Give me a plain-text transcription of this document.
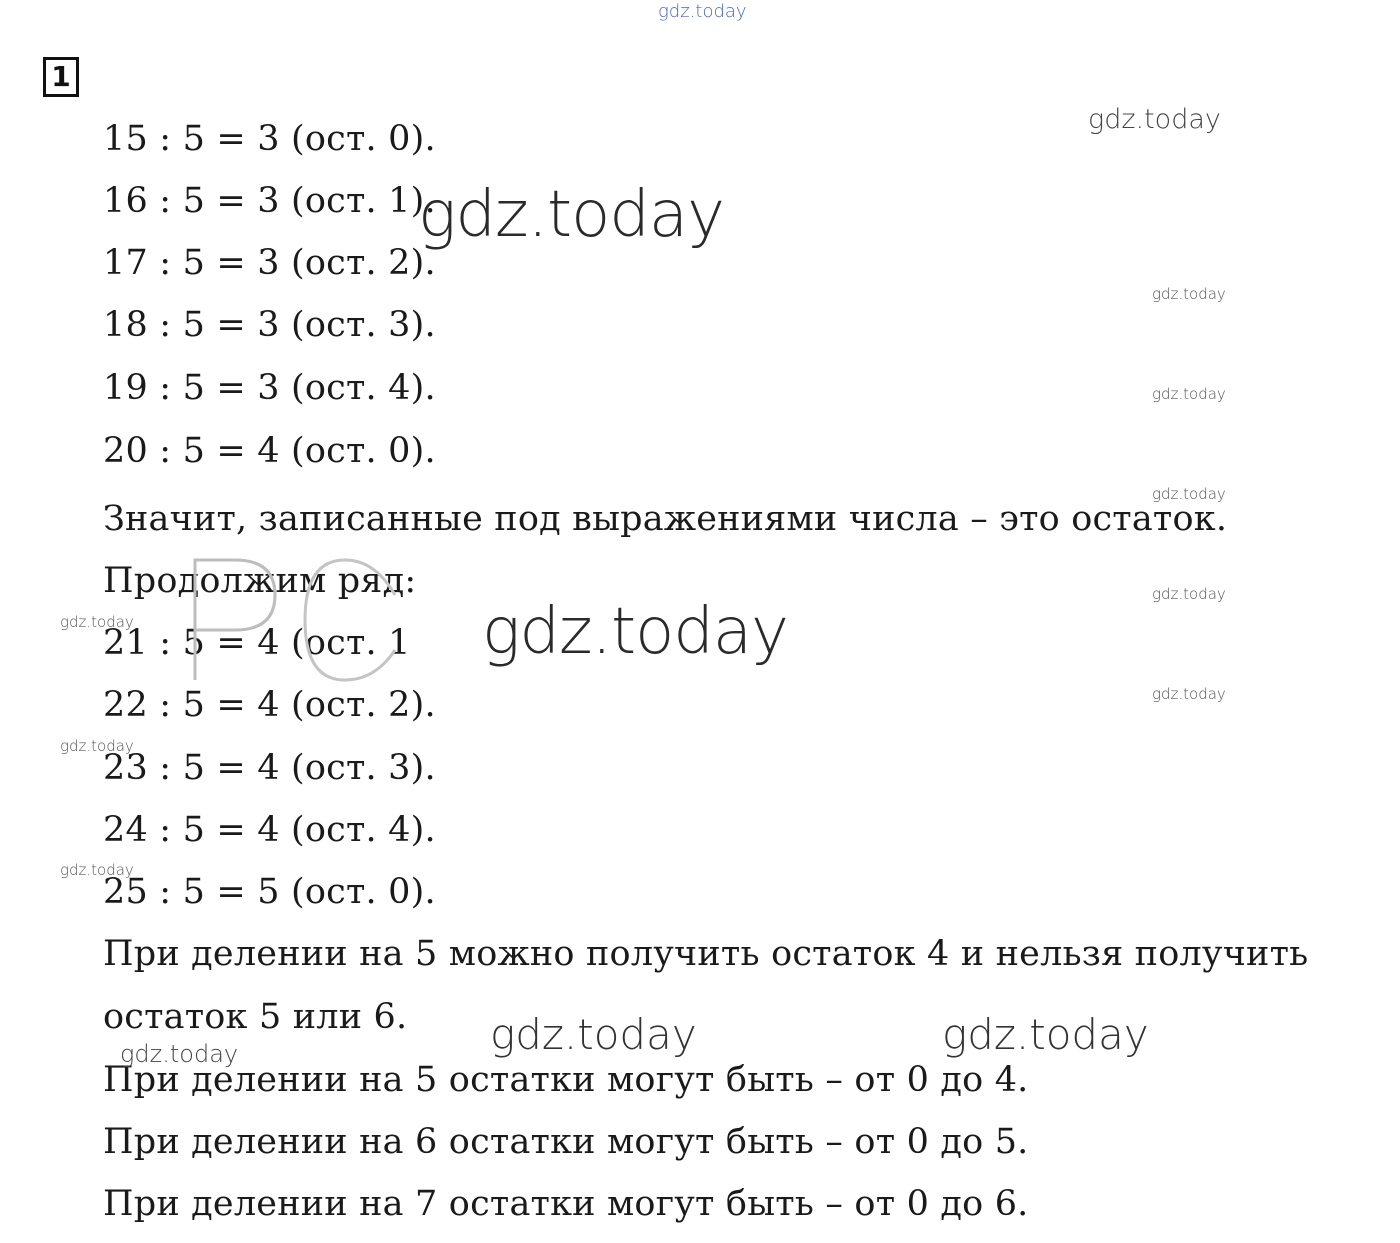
1
15 : 5 = 3 (ост. 0).
16 : 5 = 3 (ост. 1).
17 : 5 = 3 (ост. 2).
18 : 5 = 3 (ост. 3).
19 : 5 = 3 (ост. 4).
20 : 5 = 4 (ост. 0).
Значит, записанные под выражениями числа – это остаток.
Продолжим ряд:
21 : 5 = 4 (ост. 1
22 : 5 = 4 (ост. 2).
23 : 5 = 4 (ост. 3).
24 : 5 = 4 (ост. 4).
25 : 5 = 5 (ост. 0).
При делении на 5 можно получить остаток 4 и нельзя получить
остаток 5 или 6.
При делении на 5 остатки могут быть – от 0 до 4.
При делении на 6 остатки могут быть – от 0 до 5.
При делении на 7 остатки могут быть – от 0 до 6.
gdz.today
gdz.today
gdz.today
gdz.today
gdz.today
gdz.today
gdz.today
gdz.today
gdz.today
gdz.today
gdz.today
gdz.today
gdz.today	gdz.today
gdz.today
